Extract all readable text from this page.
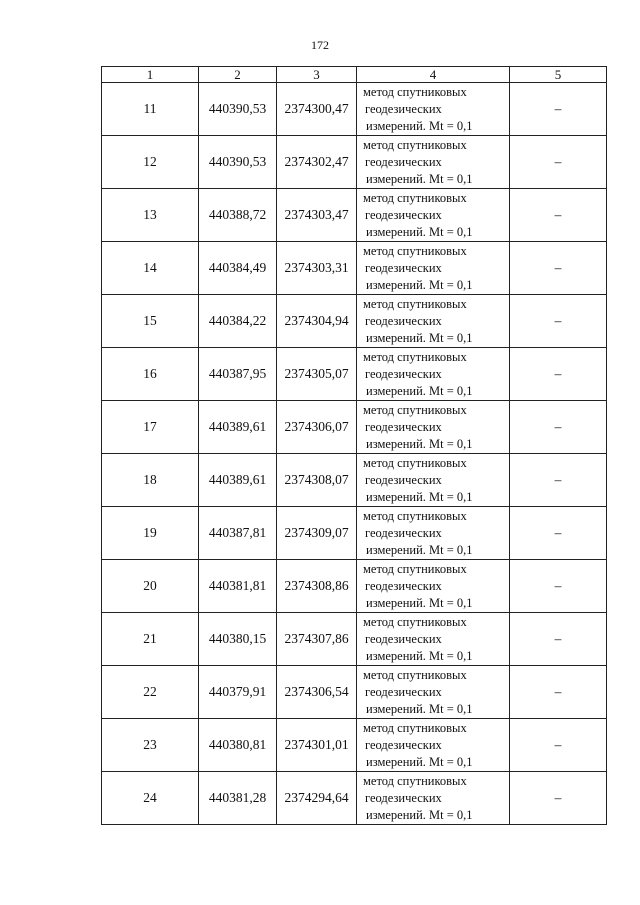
172
1	2	3	4	5
11	440390,53	2374300,47	метод спутниковых
геодезических
измерений. Mt = 0,1	–
12	440390,53	2374302,47	метод спутниковых
геодезических
измерений. Mt = 0,1	–
13	440388,72	2374303,47	метод спутниковых
геодезических
измерений. Mt = 0,1	–
14	440384,49	2374303,31	метод спутниковых
геодезических
измерений. Mt = 0,1	–
15	440384,22	2374304,94	метод спутниковых
геодезических
измерений. Mt = 0,1	–
16	440387,95	2374305,07	метод спутниковых
геодезических
измерений. Mt = 0,1	–
17	440389,61	2374306,07	метод спутниковых
геодезических
измерений. Mt = 0,1	–
18	440389,61	2374308,07	метод спутниковых
геодезических
измерений. Mt = 0,1	–
19	440387,81	2374309,07	метод спутниковых
геодезических
измерений. Mt = 0,1	–
20	440381,81	2374308,86	метод спутниковых
геодезических
измерений. Mt = 0,1	–
21	440380,15	2374307,86	метод спутниковых
геодезических
измерений. Mt = 0,1	–
22	440379,91	2374306,54	метод спутниковых
геодезических
измерений. Mt = 0,1	–
23	440380,81	2374301,01	метод спутниковых
геодезических
измерений. Mt = 0,1	–
24	440381,28	2374294,64	метод спутниковых
геодезических
измерений. Mt = 0,1	–
